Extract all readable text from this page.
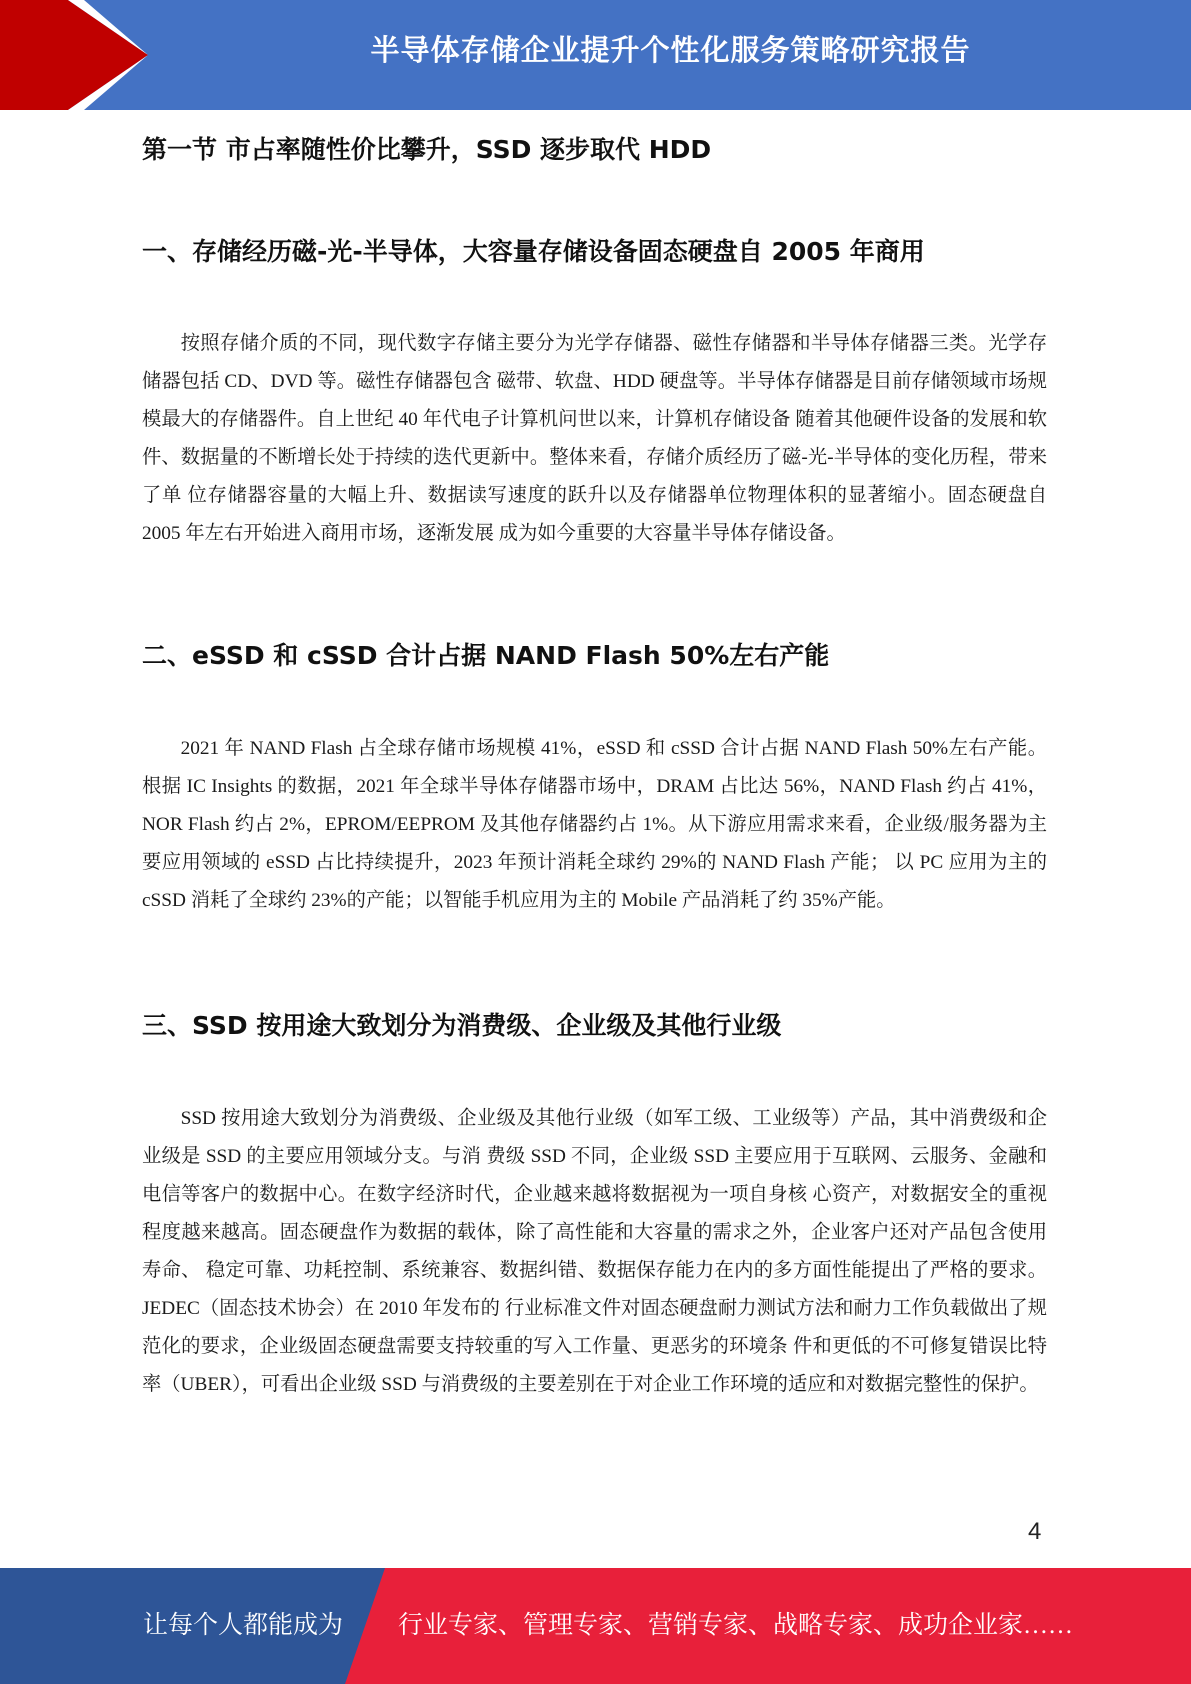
半导体存储企业提升个性化服务策略研究报告
第一节 市占率随性价比攀升，SSD 逐步取代 HDD
一、存储经历磁-光-半导体，大容量存储设备固态硬盘自 2005 年商用

按照存储介质的不同，现代数字存储主要分为光学存储器、磁性存储器和半导体存储器三类。光学存储器包括 CD、DVD 等。磁性存储器包含 磁带、软盘、HDD 硬盘等。半导体存储器是目前存储领域市场规模最大的存储器件。自上世纪 40 年代电子计算机问世以来，计算机存储设备 随着其他硬件设备的发展和软件、数据量的不断增长处于持续的迭代更新中。整体来看，存储介质经历了磁-光-半导体的变化历程，带来了单 位存储器容量的大幅上升、数据读写速度的跃升以及存储器单位物理体积的显著缩小。固态硬盘自 2005 年左右开始进入商用市场，逐渐发展 成为如今重要的大容量半导体存储设备。

二、eSSD 和 cSSD 合计占据 NAND Flash 50%左右产能

2021 年 NAND Flash 占全球存储市场规模 41%，eSSD 和 cSSD 合计占据 NAND Flash 50%左右产能。根据 IC Insights 的数据，2021 年全球半导体存储器市场中，DRAM 占比达 56%，NAND Flash 约占 41%，NOR Flash 约占 2%，EPROM/EEPROM 及其他存储器约占 1%。从下游应用需求来看，企业级/服务器为主要应用领域的 eSSD 占比持续提升，2023 年预计消耗全球约 29%的 NAND Flash 产能； 以 PC 应用为主的 cSSD 消耗了全球约 23%的产能；以智能手机应用为主的 Mobile 产品消耗了约 35%产能。

三、SSD 按用途大致划分为消费级、企业级及其他行业级

SSD 按用途大致划分为消费级、企业级及其他行业级（如军工级、工业级等）产品，其中消费级和企业级是 SSD 的主要应用领域分支。与消 费级 SSD 不同，企业级 SSD 主要应用于互联网、云服务、金融和电信等客户的数据中心。在数字经济时代，企业越来越将数据视为一项自身核 心资产，对数据安全的重视程度越来越高。固态硬盘作为数据的载体，除了高性能和大容量的需求之外，企业客户还对产品包含使用寿命、 稳定可靠、功耗控制、系统兼容、数据纠错、数据保存能力在内的多方面性能提出了严格的要求。JEDEC（固态技术协会）在 2010 年发布的 行业标准文件对固态硬盘耐力测试方法和耐力工作负载做出了规范化的要求，企业级固态硬盘需要支持较重的写入工作量、更恶劣的环境条 件和更低的不可修复错误比特率（UBER），可看出企业级 SSD 与消费级的主要差别在于对企业工作环境的适应和对数据完整性的保护。

4
让每个人都能成为 行业专家、管理专家、营销专家、战略专家、成功企业家……
